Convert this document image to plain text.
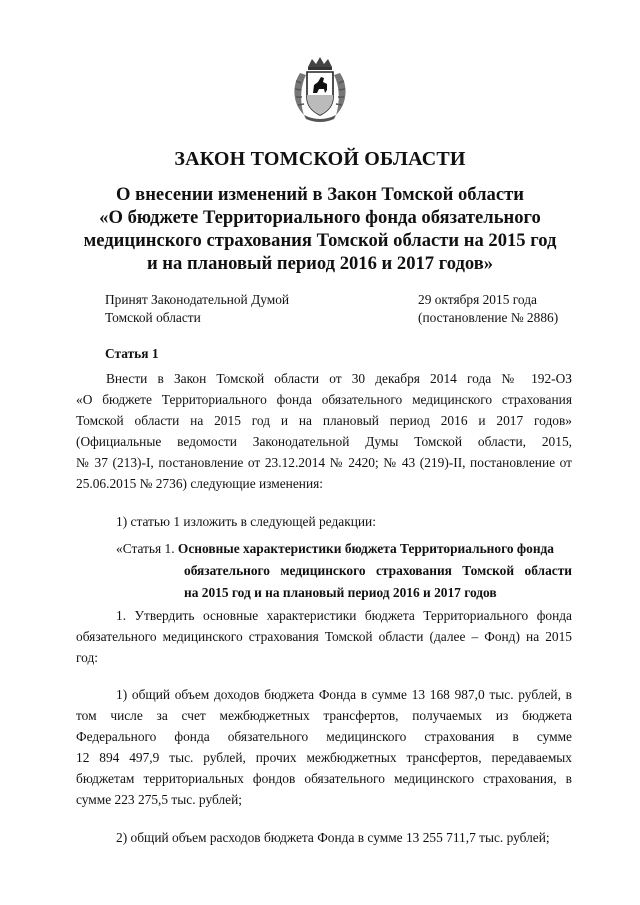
ЗАКОН ТОМСКОЙ ОБЛАСТИ
О внесении изменений в Закон Томской области
«О бюджете Территориального фонда обязательного
медицинского страхования Томской области на 2015 год
и на плановый период 2016 и 2017 годов»
Принят Законодательной Думой
Томской области
29 октября 2015 года
(постановление № 2886)
Статья 1
Внести в Закон Томской области от 30 декабря 2014 года № 192-ОЗ
«О бюджете Территориального фонда обязательного медицинского страхования
Томской области на 2015 год и на плановый период 2016 и 2017 годов»
(Официальные ведомости Законодательной Думы Томской области, 2015,
№ 37 (213)-I, постановление от 23.12.2014 № 2420; № 43 (219)-II, постановление от
25.06.2015 № 2736) следующие изменения:
1) статью 1 изложить в следующей редакции:
«Статья 1. Основные характеристики бюджета Территориального фонда
обязательного медицинского страхования Томской области
на 2015 год и на плановый период 2016 и 2017 годов
1. Утвердить основные характеристики бюджета Территориального фонда
обязательного медицинского страхования Томской области (далее – Фонд) на 2015
год:
1) общий объем доходов бюджета Фонда в сумме 13 168 987,0 тыс. рублей, в
том числе за счет межбюджетных трансфертов, получаемых из бюджета
Федерального фонда обязательного медицинского страхования в сумме
12 894 497,9 тыс. рублей, прочих межбюджетных трансфертов, передаваемых
бюджетам территориальных фондов обязательного медицинского страхования, в
сумме 223 275,5 тыс. рублей;
2) общий объем расходов бюджета Фонда в сумме 13 255 711,7 тыс. рублей;
